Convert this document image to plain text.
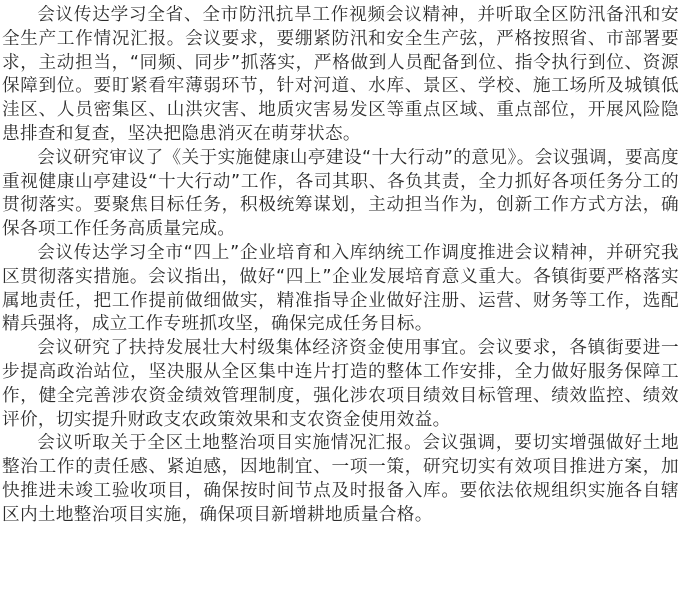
会议传达学习全省、全市防汛抗旱工作视频会议精神，并听取全区防汛备汛和安全生产工作情况汇报。会议要求，要绷紧防汛和安全生产弦，严格按照省、市部署要求，主动担当，“同频、同步”抓落实，严格做到人员配备到位、指令执行到位、资源保障到位。要盯紧看牢薄弱环节，针对河道、水库、景区、学校、施工场所及城镇低洼区、人员密集区、山洪灾害、地质灾害易发区等重点区域、重点部位，开展风险隐患排查和复查，坚决把隐患消灭在萌芽状态。

会议研究审议了《关于实施健康山亭建设“十大行动”的意见》。会议强调，要高度重视健康山亭建设“十大行动”工作，各司其职、各负其责，全力抓好各项任务分工的贯彻落实。要聚焦目标任务，积极统筹谋划，主动担当作为，创新工作方式方法，确保各项工作任务高质量完成。

会议传达学习全市“四上”企业培育和入库纳统工作调度推进会议精神，并研究我区贯彻落实措施。会议指出，做好“四上”企业发展培育意义重大。各镇街要严格落实属地责任，把工作提前做细做实，精准指导企业做好注册、运营、财务等工作，选配精兵强将，成立工作专班抓攻坚，确保完成任务目标。

会议研究了扶持发展壮大村级集体经济资金使用事宜。会议要求，各镇街要进一步提高政治站位，坚决服从全区集中连片打造的整体工作安排，全力做好服务保障工作，健全完善涉农资金绩效管理制度，强化涉农项目绩效目标管理、绩效监控、绩效评价，切实提升财政支农政策效果和支农资金使用效益。

会议听取关于全区土地整治项目实施情况汇报。会议强调，要切实增强做好土地整治工作的责任感、紧迫感，因地制宜、一项一策，研究切实有效项目推进方案，加快推进未竣工验收项目，确保按时间节点及时报备入库。要依法依规组织实施各自辖区内土地整治项目实施，确保项目新增耕地质量合格。
